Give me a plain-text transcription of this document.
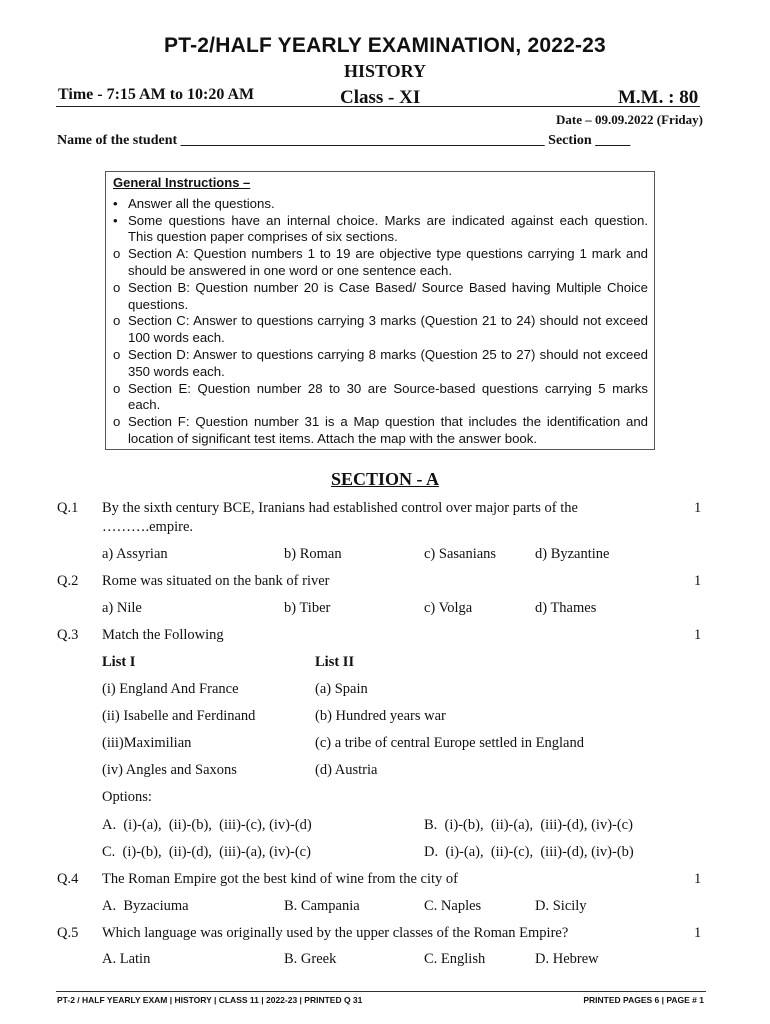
PT-2/HALF YEARLY EXAMINATION, 2022-23
HISTORY
Time - 7:15 AM to 10:20 AM	Class - XI	M.M. : 80
Date – 09.09.2022 (Friday)
Name of the student ____________________________________________________ Section _____
General Instructions –
• Answer all the questions.
• Some questions have an internal choice. Marks are indicated against each question. This question paper comprises of six sections.
o Section A: Question numbers 1 to 19 are objective type questions carrying 1 mark and should be answered in one word or one sentence each.
o Section B: Question number 20 is Case Based/ Source Based having Multiple Choice questions.
o Section C: Answer to questions carrying 3 marks (Question 21 to 24) should not exceed 100 words each.
o Section D: Answer to questions carrying 8 marks (Question 25 to 27) should not exceed 350 words each.
o Section E: Question number 28 to 30 are Source-based questions carrying 5 marks each.
o Section F: Question number 31 is a Map question that includes the identification and location of significant test items. Attach the map with the answer book.
SECTION - A
Q.1 By the sixth century BCE, Iranians had established control over major parts of the	1
……….empire.
a) Assyrian	b) Roman	c) Sasanians	d) Byzantine
Q.2 Rome was situated on the bank of river	1
a) Nile	b) Tiber	c) Volga	d) Thames
Q.3 Match the Following	1
List I	List II
(i) England And France	(a) Spain
(ii) Isabelle and Ferdinand	(b) Hundred years war
(iii)Maximilian	(c) a tribe of central Europe settled in England
(iv) Angles and Saxons	(d) Austria
Options:
A.  (i)-(a),  (ii)-(b),  (iii)-(c), (iv)-(d)	B.  (i)-(b),  (ii)-(a),  (iii)-(d), (iv)-(c)
C.  (i)-(b),  (ii)-(d),  (iii)-(a), (iv)-(c)	D.  (i)-(a),  (ii)-(c),  (iii)-(d), (iv)-(b)
Q.4 The Roman Empire got the best kind of wine from the city of	1
A.  Byzaciuma	B. Campania	C. Naples	D. Sicily
Q.5 Which language was originally used by the upper classes of the Roman Empire?	1
A. Latin	B. Greek	C. English	D. Hebrew
PT-2 / HALF YEARLY EXAM | HISTORY | CLASS 11 | 2022-23 | PRINTED Q 31	PRINTED PAGES 6 | PAGE # 1
